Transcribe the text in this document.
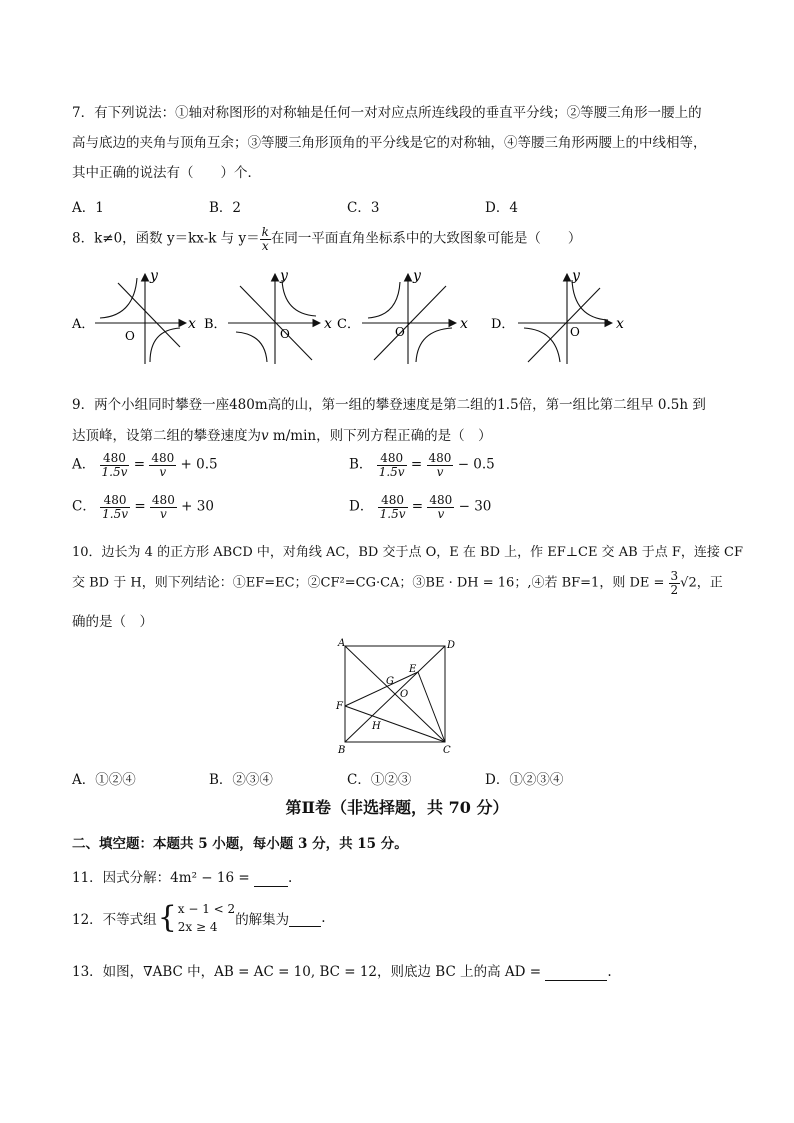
7．有下列说法：①轴对称图形的对称轴是任何一对对应点所连线段的垂直平分线；②等腰三角形一腰上的
高与底边的夹角与顶角互余；③等腰三角形顶角的平分线是它的对称轴，④等腰三角形两腰上的中线相等，
其中正确的说法有（　　）个．
A．1	B．2	C．3	D．4
8．k≠0，函数 y＝kx-k 与 $y= \frac{k}{x}$ 在同一平面直角坐标系中的大致图象可能是（　　）
A．	x
y
O
B．	x
y
O
C．	x
y
O	D．	x
y
O
9．两个小组同时攀登一座480m高的山，第一组的攀登速度是第二组的1.5倍，第一组比第二组早 0.5h 到
达顶峰，设第二组的攀登速度为v m/min，则下列方程正确的是（　）
A． $\frac{480}{1.5v} = \frac{480}{v} + 0.5$	B． $\frac{480}{1.5v} = \frac{480}{v} - 0.5$
C． $\frac{480}{1.5v} = \frac{480}{v} + 30$	D． $\frac{480}{1.5v} = \frac{480}{v} - 30$
10．边长为 4 的正方形 ABCD 中，对角线 AC，BD 交于点 O，E 在 BD 上，作 EF⊥CE 交 AB 于点 F，连接 CF
交 BD 于 H，则下列结论：①EF=EC；②CF²=CG·CA；③BE · DH = 16；,④若 BF=1，则 DE = $\frac{3}{2} √2$，正
确的是（　）
A	D
B	C
E
F
G
O
H
A．①②④	B．②③④	C．①②③	D．①②③④
第Ⅱ卷（非选择题，共 70 分）
二、填空题：本题共 5 小题，每小题 3 分，共 15 分。
11．因式分解：4m² − 16 =	.
12．不等式组{ x − 1 < 2
2x ≥ 4	的解集为 .
13．如图，∇ABC 中，AB = AC = 10, BC = 12，则底边 BC 上的高 AD =	.
